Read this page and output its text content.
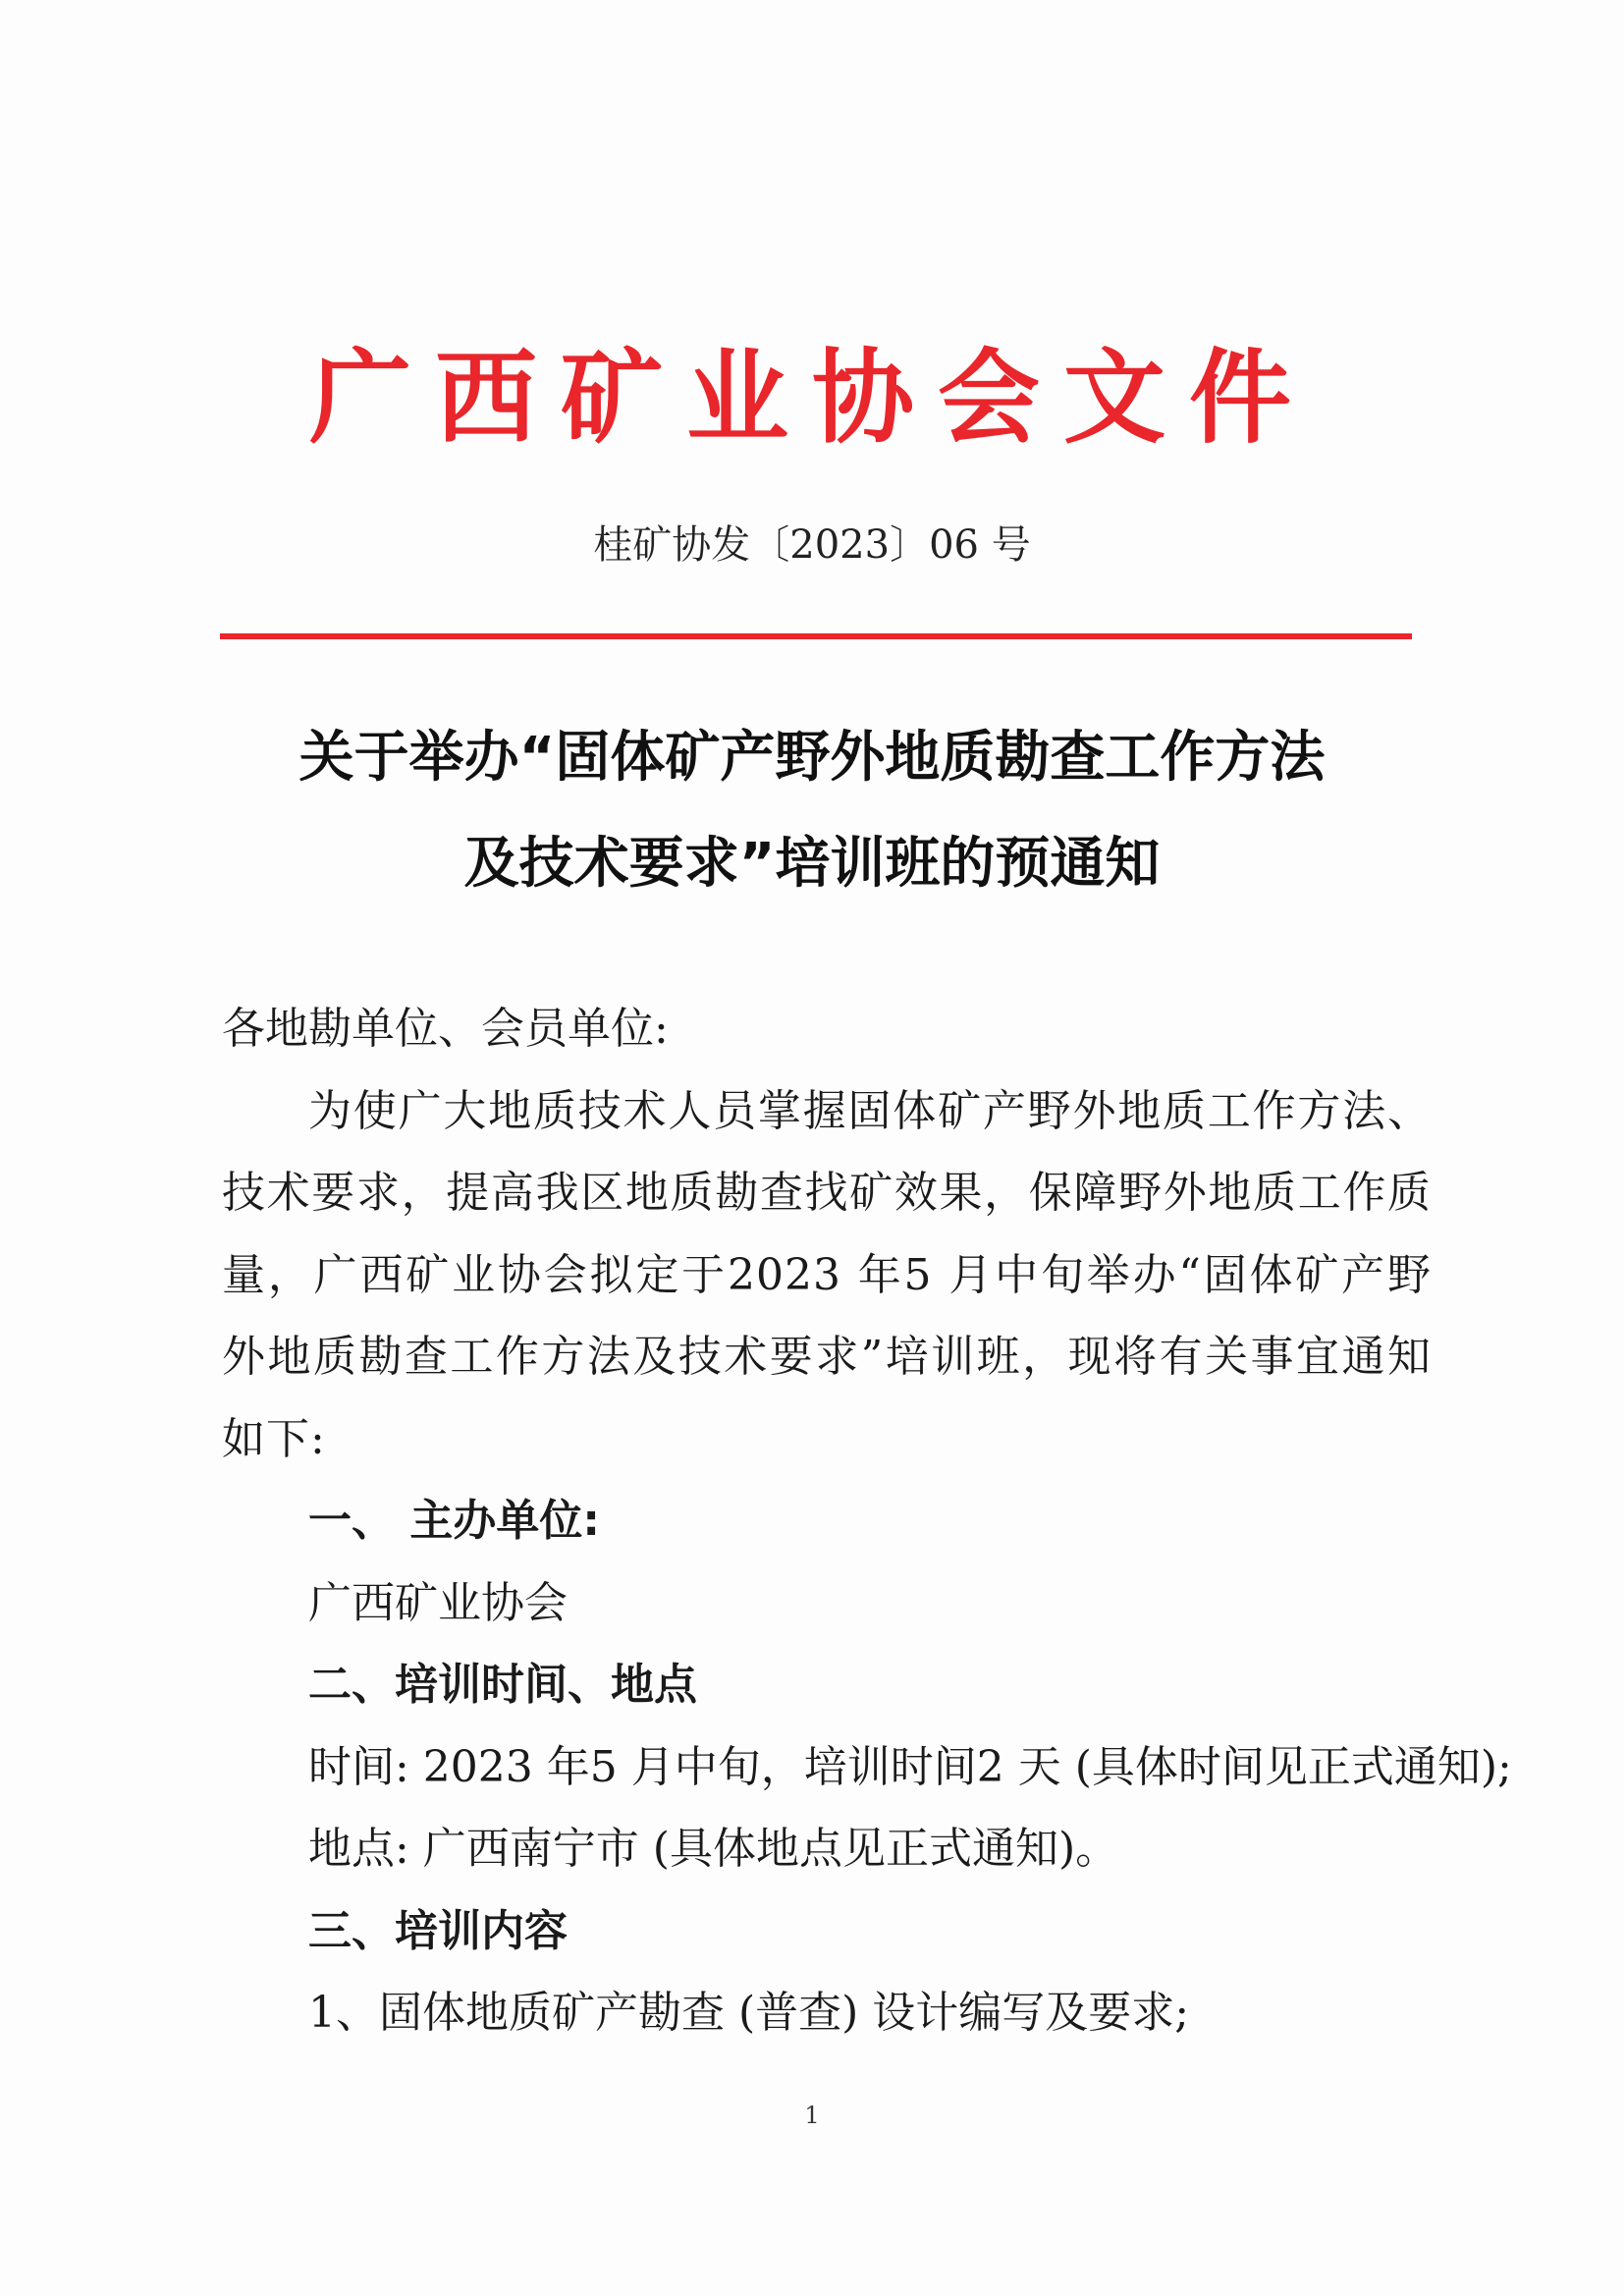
广西矿业协会文件
桂矿协发〔2023〕06 号
关于举办“固体矿产野外地质勘查工作方法
及技术要求”培训班的预通知

各地勘单位、会员单位:

为使广大地质技术人员掌握固体矿产野外地质工作方法、技术要求，提高我区地质勘查找矿效果，保障野外地质工作质量，广西矿业协会拟定于2023 年5 月中旬举办“固体矿产野外地质勘查工作方法及技术要求”培训班，现将有关事宜通知如下:

一、 主办单位:

广西矿业协会

二、培训时间、地点

时间: 2023 年5 月中旬，培训时间2 天 (具体时间见正式通知);

地点: 广西南宁市 (具体地点见正式通知)。

三、培训内容

1、固体地质矿产勘查 (普查) 设计编写及要求;

1
